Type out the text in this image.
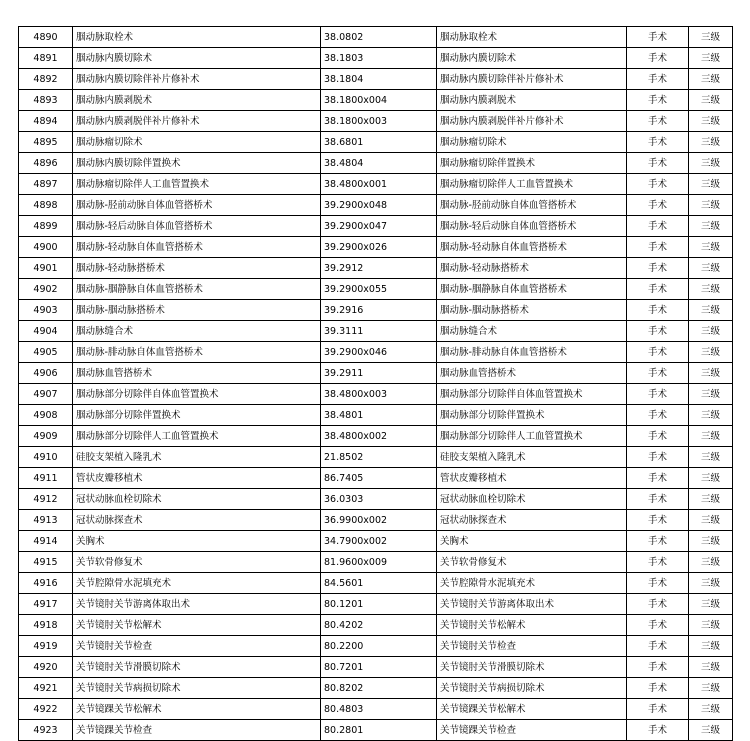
4890	腘动脉取栓术	38.0802	腘动脉取栓术	手术	三级
4891	腘动脉内膜切除术	38.1803	腘动脉内膜切除术	手术	三级
4892	腘动脉内膜切除伴补片修补术	38.1804	腘动脉内膜切除伴补片修补术	手术	三级
4893	腘动脉内膜剥脱术	38.1800x004	腘动脉内膜剥脱术	手术	三级
4894	腘动脉内膜剥脱伴补片修补术	38.1800x003	腘动脉内膜剥脱伴补片修补术	手术	三级
4895	腘动脉瘤切除术	38.6801	腘动脉瘤切除术	手术	三级
4896	腘动脉内膜切除伴置换术	38.4804	腘动脉瘤切除伴置换术	手术	三级
4897	腘动脉瘤切除伴人工血管置换术	38.4800x001	腘动脉瘤切除伴人工血管置换术	手术	三级
4898	腘动脉-胫前动脉自体血管搭桥术	39.2900x048	腘动脉-胫前动脉自体血管搭桥术	手术	三级
4899	腘动脉-轻后动脉自体血管搭桥术	39.2900x047	腘动脉-轻后动脉自体血管搭桥术	手术	三级
4900	腘动脉-轻动脉自体血管搭桥术	39.2900x026	腘动脉-轻动脉自体血管搭桥术	手术	三级
4901	腘动脉-轻动脉搭桥术	39.2912	腘动脉-轻动脉搭桥术	手术	三级
4902	腘动脉-腘静脉自体血管搭桥术	39.2900x055	腘动脉-腘静脉自体血管搭桥术	手术	三级
4903	腘动脉-腘动脉搭桥术	39.2916	腘动脉-腘动脉搭桥术	手术	三级
4904	腘动脉缝合术	39.3111	腘动脉缝合术	手术	三级
4905	腘动脉-腓动脉自体血管搭桥术	39.2900x046	腘动脉-腓动脉自体血管搭桥术	手术	三级
4906	腘动脉血管搭桥术	39.2911	腘动脉血管搭桥术	手术	三级
4907	腘动脉部分切除伴自体血管置换术	38.4800x003	腘动脉部分切除伴自体血管置换术	手术	三级
4908	腘动脉部分切除伴置换术	38.4801	腘动脉部分切除伴置换术	手术	三级
4909	腘动脉部分切除伴人工血管置换术	38.4800x002	腘动脉部分切除伴人工血管置换术	手术	三级
4910	硅胶支架植入隆乳术	21.8502	硅胶支架植入隆乳术	手术	三级
4911	管状皮瓣移植术	86.7405	管状皮瓣移植术	手术	三级
4912	冠状动脉血栓切除术	36.0303	冠状动脉血栓切除术	手术	三级
4913	冠状动脉探查术	36.9900x002	冠状动脉探查术	手术	三级
4914	关胸术	34.7900x002	关胸术	手术	三级
4915	关节软骨修复术	81.9600x009	关节软骨修复术	手术	三级
4916	关节腔隙骨水泥填充术	84.5601	关节腔隙骨水泥填充术	手术	三级
4917	关节镜肘关节游离体取出术	80.1201	关节镜肘关节游离体取出术	手术	三级
4918	关节镜肘关节松解术	80.4202	关节镜肘关节松解术	手术	三级
4919	关节镜肘关节检查	80.2200	关节镜肘关节检查	手术	三级
4920	关节镜肘关节滑膜切除术	80.7201	关节镜肘关节滑膜切除术	手术	三级
4921	关节镜肘关节病损切除术	80.8202	关节镜肘关节病损切除术	手术	三级
4922	关节镜踝关节松解术	80.4803	关节镜踝关节松解术	手术	三级
4923	关节镜踝关节检查	80.2801	关节镜踝关节检查	手术	三级
